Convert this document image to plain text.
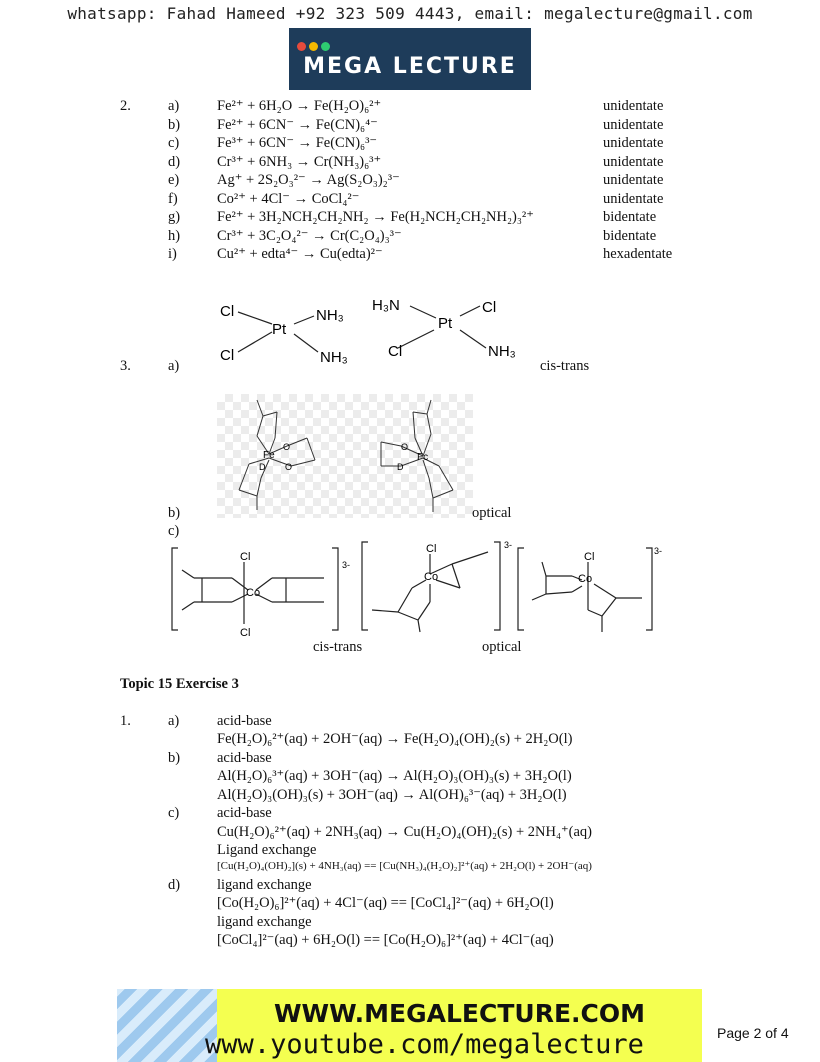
whatsapp: Fahad Hameed +92 323 509 4443, email: megalecture@gmail.com
MEGA LECTURE
2.	a)	Fe²⁺ + 6H₂O → Fe(H₂O)₆²⁺	unidentate
b)	Fe²⁺ + 6CN⁻ → Fe(CN)₆⁴⁻	unidentate
c)	Fe³⁺ + 6CN⁻ → Fe(CN)₆³⁻	unidentate
d)	Cr³⁺ + 6NH₃ → Cr(NH₃)₆³⁺	unidentate
e)	Ag⁺ + 2S₂O₃²⁻ → Ag(S₂O₃)₂³⁻	unidentate
f)	Co²⁺ + 4Cl⁻ → CoCl₄²⁻	unidentate
g)	Fe²⁺ + 3H₂NCH₂CH₂NH₂ → Fe(H₂NCH₂CH₂NH₂)₃²⁺	bidentate
h)	Cr³⁺ + 3C₂O₄²⁻ → Cr(C₂O₄)₃³⁻	bidentate
i)	Cu²⁺ + edta⁴⁻ → Cu(edta)²⁻	hexadentate
3.	a)
Cl
Cl
Pt
NH₃
NH₃
H₃N
Pt
Cl
Cl	NH₃
cis-trans
Fe	Fc
O
O
D	D
O
b)	optical
c)
Cl
Cl
Co
3-
Cl
Co
3-
Cl
Co
3-
cis-trans	optical
Topic 15 Exercise 3
1.	a)	acid-base
Fe(H₂O)₆²⁺(aq) + 2OH⁻(aq) → Fe(H₂O)₄(OH)₂(s) + 2H₂O(l)
b)	acid-base
Al(H₂O)₆³⁺(aq) + 3OH⁻(aq) → Al(H₂O)₃(OH)₃(s) + 3H₂O(l)
Al(H₂O)₃(OH)₃(s) + 3OH⁻(aq) → Al(OH)₆³⁻(aq) + 3H₂O(l)
c)	acid-base
Cu(H₂O)₆²⁺(aq) + 2NH₃(aq) → Cu(H₂O)₄(OH)₂(s) + 2NH₄⁺(aq)
Ligand exchange
[Cu(H₂O)₄(OH)₂](s) + 4NH₃(aq) == [Cu(NH₃)₄(H₂O)₂]²⁺(aq) + 2H₂O(l) + 2OH⁻(aq)
d)	ligand exchange
[Co(H₂O)₆]²⁺(aq) + 4Cl⁻(aq) == [CoCl₄]²⁻(aq) + 6H₂O(l)
ligand exchange
[CoCl₄]²⁻(aq) + 6H₂O(l) == [Co(H₂O)₆]²⁺(aq) + 4Cl⁻(aq)
WWW.MEGALECTURE.COM
www.youtube.com/megalecture	Page 2 of 4
